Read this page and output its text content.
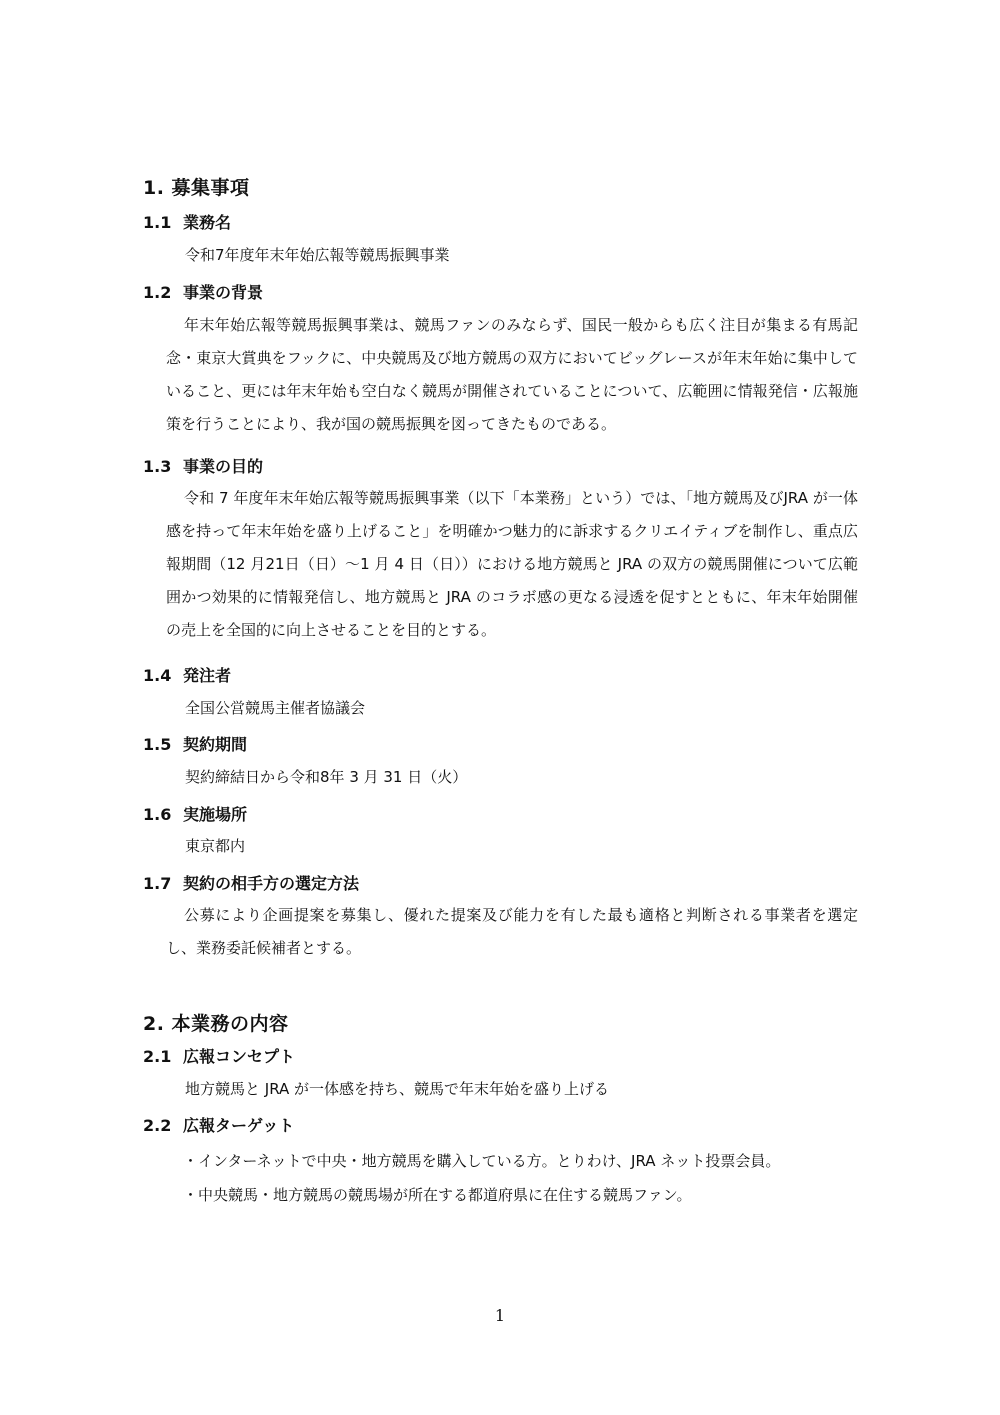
1. 募集事項
1.1 業務名
令和7年度年末年始広報等競馬振興事業
1.2 事業の背景
年末年始広報等競馬振興事業は、競馬ファンのみならず、国民一般からも広く注目が集まる有馬記念・東京大賞典をフックに、中央競馬及び地方競馬の双方においてビッグレースが年末年始に集中していること、更には年末年始も空白なく競馬が開催されていることについて、広範囲に情報発信・広報施策を行うことにより、我が国の競馬振興を図ってきたものである。
1.3 事業の目的
令和 7 年度年末年始広報等競馬振興事業（以下「本業務」という）では、「地方競馬及びJRA が一体感を持って年末年始を盛り上げること」を明確かつ魅力的に訴求するクリエイティブを制作し、重点広報期間（12 月21日（日）～1 月 4 日（日））における地方競馬と JRA の双方の競馬開催について広範囲かつ効果的に情報発信し、地方競馬と JRA のコラボ感の更なる浸透を促すとともに、年末年始開催の売上を全国的に向上させることを目的とする。
1.4 発注者
全国公営競馬主催者協議会
1.5 契約期間
契約締結日から令和8年 3 月 31 日（火）
1.6 実施場所
東京都内
1.7 契約の相手方の選定方法
公募により企画提案を募集し、優れた提案及び能力を有した最も適格と判断される事業者を選定し、業務委託候補者とする。
2. 本業務の内容
2.1 広報コンセプト
地方競馬と JRA が一体感を持ち、競馬で年末年始を盛り上げる
2.2 広報ターゲット
・インターネットで中央・地方競馬を購入している方。とりわけ、JRA ネット投票会員。
・中央競馬・地方競馬の競馬場が所在する都道府県に在住する競馬ファン。
1
